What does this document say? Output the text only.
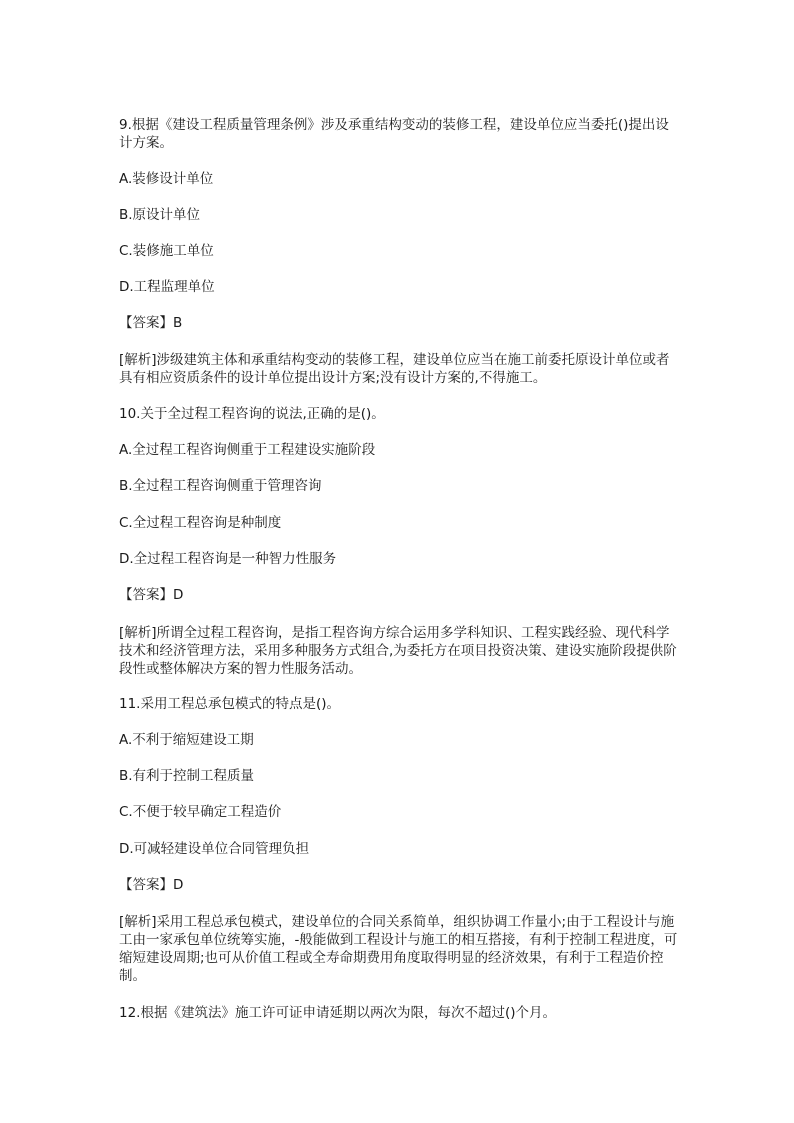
9.根据《建设工程质量管理条例》涉及承重结构变动的装修工程，建设单位应当委托()提出设计方案。

A.装修设计单位

B.原设计单位

C.装修施工单位

D.工程监理单位

【答案】B

[解析]涉级建筑主体和承重结构变动的装修工程，建设单位应当在施工前委托原设计单位或者具有相应资质条件的设计单位提出设计方案;没有设计方案的,不得施工。

10.关于全过程工程咨询的说法,正确的是()。

A.全过程工程咨询侧重于工程建设实施阶段

B.全过程工程咨询侧重于管理咨询

C.全过程工程咨询是种制度

D.全过程工程咨询是一种智力性服务

【答案】D

[解析]所谓全过程工程咨询，是指工程咨询方综合运用多学科知识、工程实践经验、现代科学技术和经济管理方法，采用多种服务方式组合,为委托方在项目投资决策、建设实施阶段提供阶段性或整体解决方案的智力性服务活动。

11.采用工程总承包模式的特点是()。

A.不利于缩短建设工期

B.有利于控制工程质量

C.不便于较早确定工程造价

D.可减轻建设单位合同管理负担

【答案】D

[解析]采用工程总承包模式，建设单位的合同关系简单，组织协调工作量小;由于工程设计与施工由一家承包单位统筹实施，-般能做到工程设计与施工的相互搭接，有利于控制工程进度，可缩短建设周期;也可从价值工程或全寿命期费用角度取得明显的经济效果，有利于工程造价控制。

12.根据《建筑法》施工许可证申请延期以两次为限，每次不超过()个月。
